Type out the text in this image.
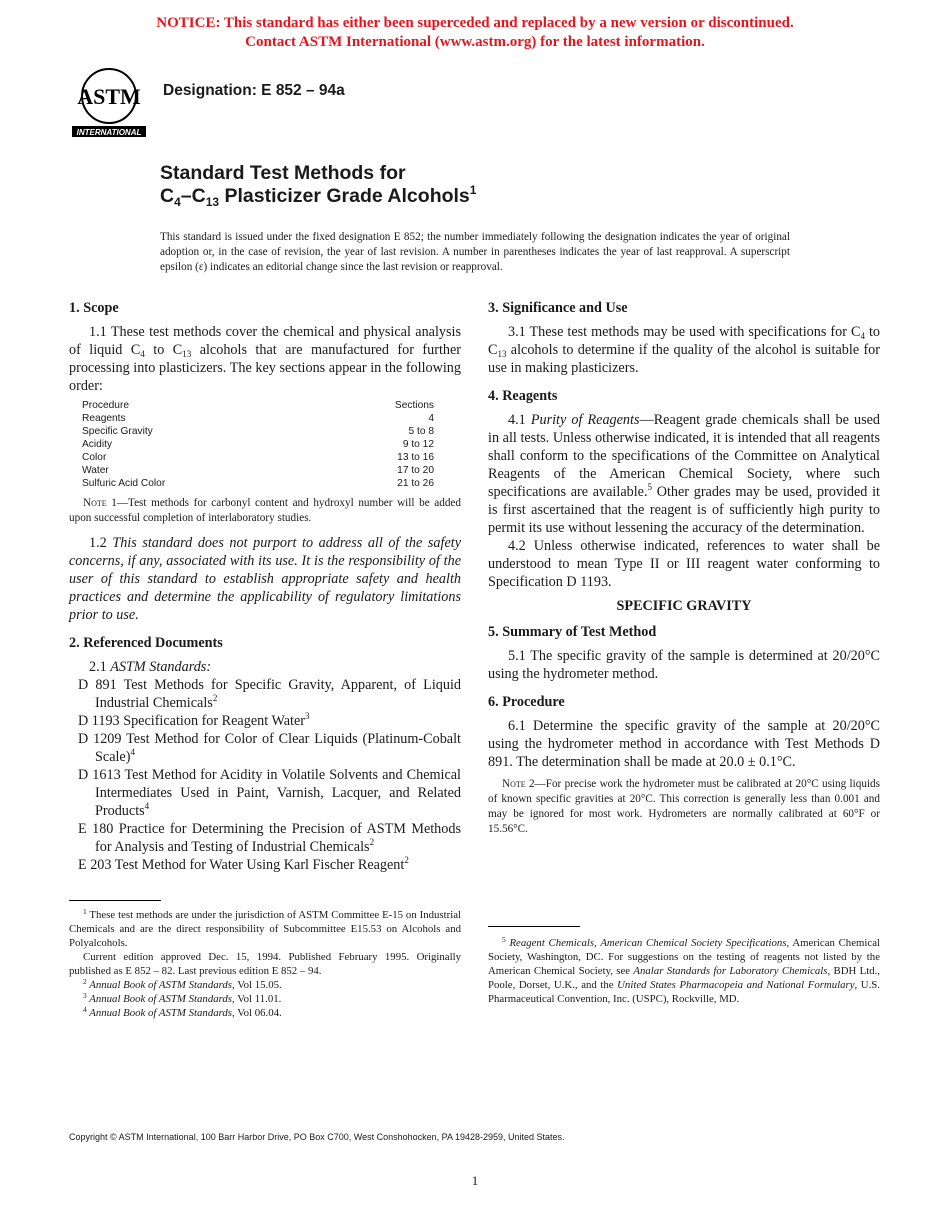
NOTICE: This standard has either been superceded and replaced by a new version or discontinued.
Contact ASTM International (www.astm.org) for the latest information.
ASTM
INTERNATIONAL
Designation: E 852 – 94a
Standard Test Methods for
$C_4-C_{13}$ Plasticizer Grade Alcohols$^1$
This standard is issued under the fixed designation E 852; the number immediately following the designation indicates the year of original adoption or, in the case of revision, the year of last revision. A number in parentheses indicates the year of last reapproval. A superscript epsilon (ε) indicates an editorial change since the last revision or reapproval.
1. Scope

1.1 These test methods cover the chemical and physical analysis of liquid $C_4$ to $C_{13}$ alcohols that are manufactured for further processing into plasticizers. The key sections appear in the following order:

Procedure	Sections
Reagents	4
Specific Gravity	5 to 8
Acidity	9 to 12
Color	13 to 16
Water	17 to 20
Sulfuric Acid Color	21 to 26

Note 1—Test methods for carbonyl content and hydroxyl number will be added upon successful completion of interlaboratory studies.

1.2 This standard does not purport to address all of the safety concerns, if any, associated with its use. It is the responsibility of the user of this standard to establish appropriate safety and health practices and determine the applicability of regulatory limitations prior to use.

2. Referenced Documents

2.1 ASTM Standards:

D 891 Test Methods for Specific Gravity, Apparent, of Liquid Industrial Chemicals$^2$

D 1193 Specification for Reagent Water$^3$

D 1209 Test Method for Color of Clear Liquids (Platinum-Cobalt Scale)$^4$

D 1613 Test Method for Acidity in Volatile Solvents and Chemical Intermediates Used in Paint, Varnish, Lacquer, and Related Products$^4$

E 180 Practice for Determining the Precision of ASTM Methods for Analysis and Testing of Industrial Chemicals$^2$

E 203 Test Method for Water Using Karl Fischer Reagent$^2$

3. Significance and Use

3.1 These test methods may be used with specifications for $C_4$ to $C_{13}$ alcohols to determine if the quality of the alcohol is suitable for use in making plasticizers.

4. Reagents

4.1 Purity of Reagents—Reagent grade chemicals shall be used in all tests. Unless otherwise indicated, it is intended that all reagents shall conform to the specifications of the Committee on Analytical Reagents of the American Chemical Society, where such specifications are available.$^5$ Other grades may be used, provided it is first ascertained that the reagent is of sufficiently high purity to permit its use without lessening the accuracy of the determination.

4.2 Unless otherwise indicated, references to water shall be understood to mean Type II or III reagent water conforming to Specification D 1193.

SPECIFIC GRAVITY
5. Summary of Test Method

5.1 The specific gravity of the sample is determined at 20/20°C using the hydrometer method.

6. Procedure

6.1 Determine the specific gravity of the sample at 20/20°C using the hydrometer method in accordance with Test Methods D 891. The determination shall be made at 20.0 ± 0.1°C.

Note 2—For precise work the hydrometer must be calibrated at 20°C using liquids of known specific gravities at 20°C. This correction is generally less than 0.001 and may be ignored for most work. Hydrometers are normally calibrated at 60°F or 15.56°C.

$^1$ These test methods are under the jurisdiction of ASTM Committee E-15 on Industrial Chemicals and are the direct responsibility of Subcommittee E15.53 on Alcohols and Polyalcohols.

Current edition approved Dec. 15, 1994. Published February 1995. Originally published as E 852 – 82. Last previous edition E 852 – 94.

$^2$ Annual Book of ASTM Standards, Vol 15.05.

$^3$ Annual Book of ASTM Standards, Vol 11.01.

$^4$ Annual Book of ASTM Standards, Vol 06.04.

$^5$ Reagent Chemicals, American Chemical Society Specifications, American Chemical Society, Washington, DC. For suggestions on the testing of reagents not listed by the American Chemical Society, see Analar Standards for Laboratory Chemicals, BDH Ltd., Poole, Dorset, U.K., and the United States Pharmacopeia and National Formulary, U.S. Pharmaceutical Convention, Inc. (USPC), Rockville, MD.

Copyright © ASTM International, 100 Barr Harbor Drive, PO Box C700, West Conshohocken, PA 19428-2959, United States.
1
